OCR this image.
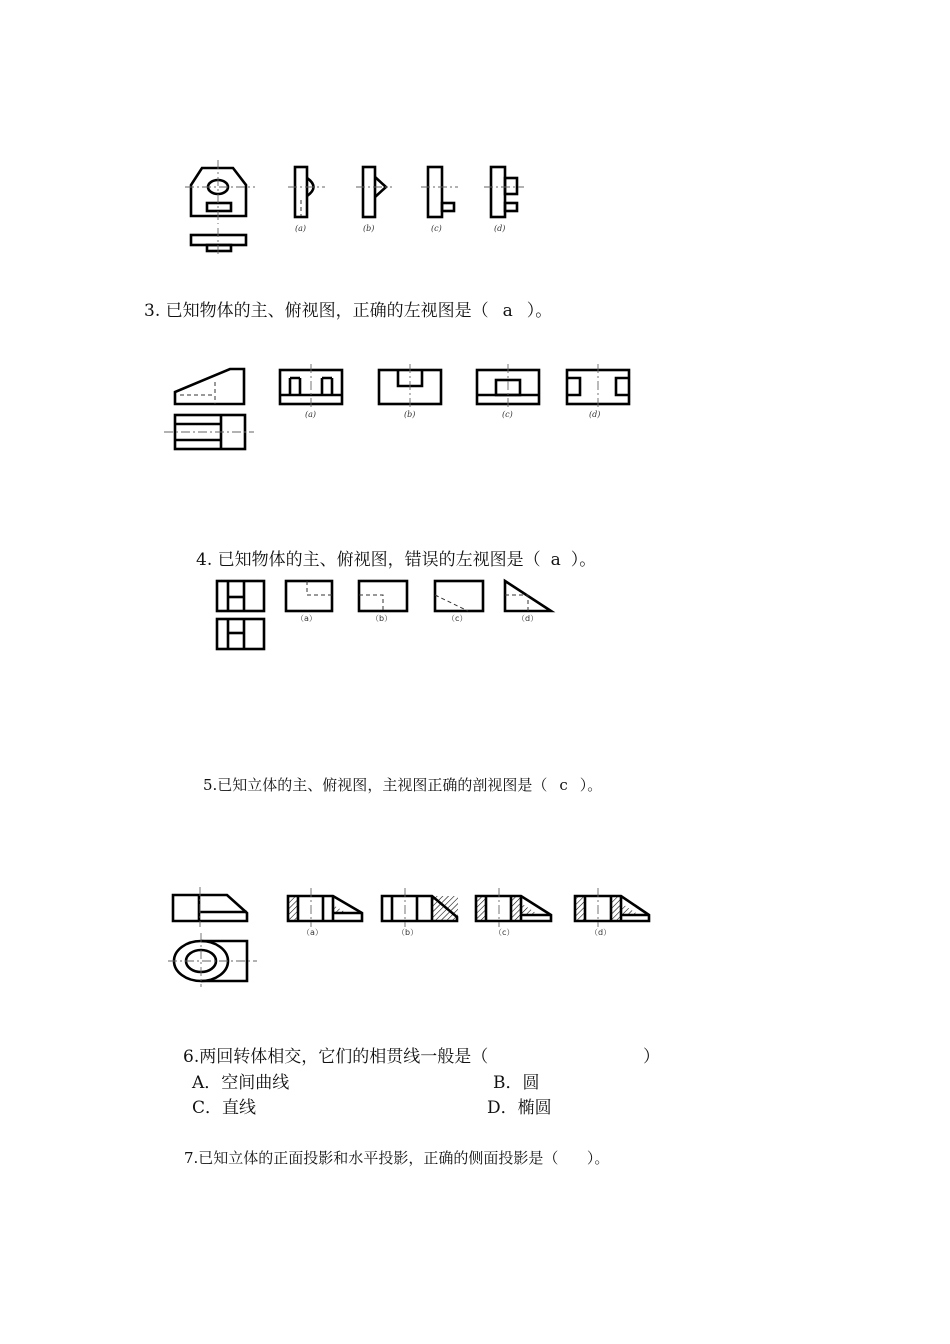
(a)	(b)	(c)	(d)
3. 已知物体的主、俯视图，正确的左视图是（ a ）。
(a)	(b)	(c)	(d)
4. 已知物体的主、俯视图，错误的左视图是（ a ）。
（a）	（b）	（c）	（d）
5.已知立体的主、俯视图，主视图正确的剖视图是（ c ）。
（a）	（b）	（c）	（d）
6.两回转体相交，它们的相贯线一般是（	）
A．空间曲线	B．圆
C．直线	D．椭圆
7.已知立体的正面投影和水平投影，正确的侧面投影是（      ）。
